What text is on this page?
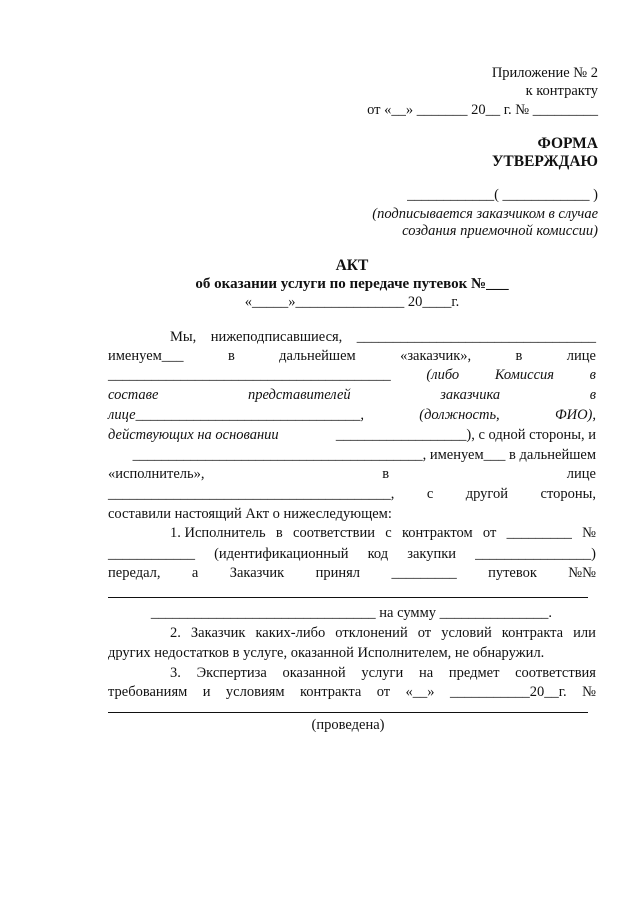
Приложение № 2
к контракту
от «__» _______ 20__ г. № _________
ФОРМА
УТВЕРЖДАЮ
____________( ____________ )
(подписывается заказчиком в случае
создания приемочной комиссии)
АКТ
об оказании услуги по передаче путевок №___
«_____»_______________ 20____г.
Мы, нижеподписавшиеся, _________________________________
именуем___	в	дальнейшем	«заказчик»,	в	лице
_______________________________________ (либо Комиссия в
составе	представителей	заказчика	в
лице_______________________________,	(должность,	ФИО),
действующих на основании	__________________), с одной стороны, и
________________________________________, именуем___ в дальнейшем
«исполнитель»,	в	лице
_______________________________________, с другой стороны,
составили настоящий Акт о нижеследующем:
1. Исполнитель в соответствии с контрактом от _________ №
____________ (идентификационный код закупки ________________)
передал, а Заказчик принял _________ путевок №№
_______________________________ на сумму _______________.
2. Заказчик каких-либо отклонений от условий контракта или
других недостатков в услуге, оказанной Исполнителем, не обнаружил.
3. Экспертиза оказанной услуги на предмет соответствия
требованиям и условиям контракта от «__» ___________20__г. №
(проведена)
